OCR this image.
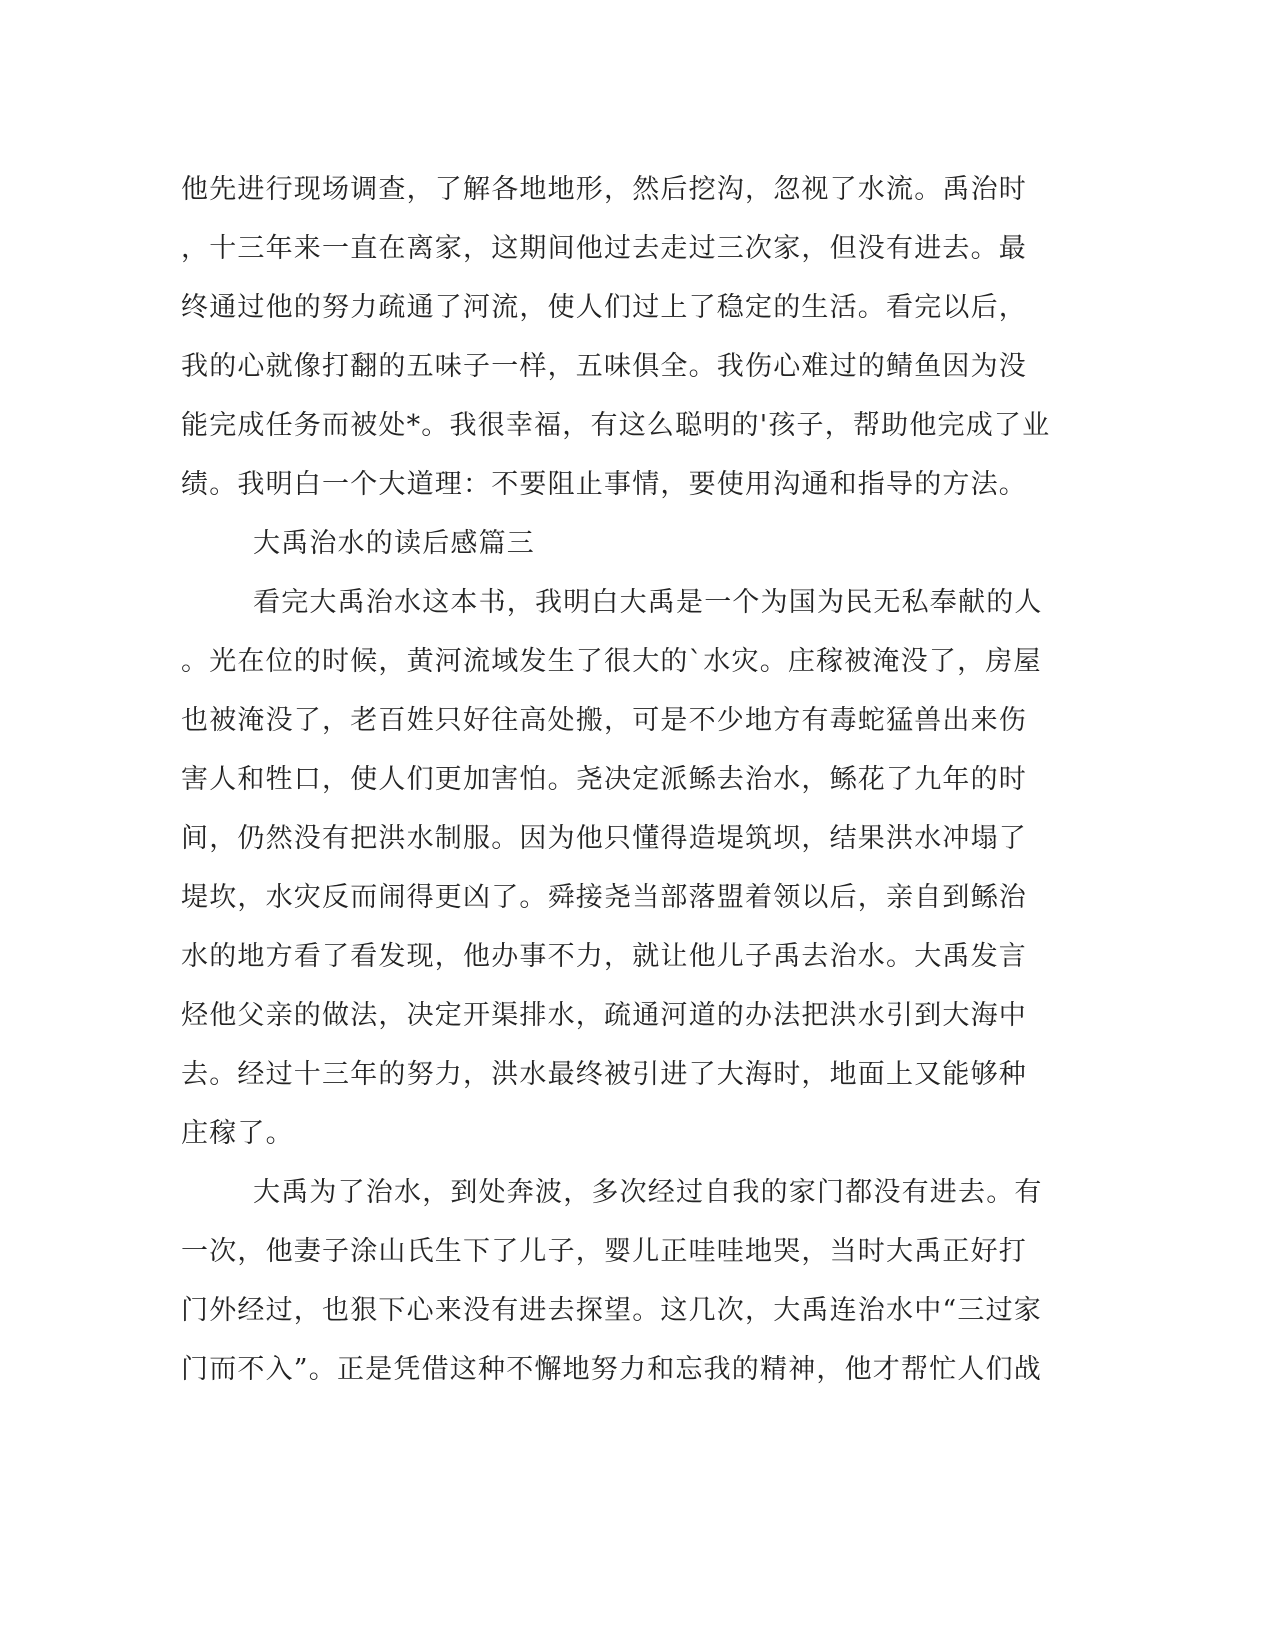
他先进行现场调查，了解各地地形，然后挖沟，忽视了水流。禹治时
，十三年来一直在离家，这期间他过去走过三次家，但没有进去。最
终通过他的努力疏通了河流，使人们过上了稳定的生活。看完以后，
我的心就像打翻的五味子一样，五味俱全。我伤心难过的鲭鱼因为没
能完成任务而被处*。我很幸福，有这么聪明的'孩子，帮助他完成了业
绩。我明白一个大道理：不要阻止事情，要使用沟通和指导的方法。
大禹治水的读后感篇三
看完大禹治水这本书，我明白大禹是一个为国为民无私奉献的人
。光在位的时候，黄河流域发生了很大的`水灾。庄稼被淹没了，房屋
也被淹没了，老百姓只好往高处搬，可是不少地方有毒蛇猛兽出来伤
害人和牲口，使人们更加害怕。尧决定派鲧去治水，鲧花了九年的时
间，仍然没有把洪水制服。因为他只懂得造堤筑坝，结果洪水冲塌了
堤坎，水灾反而闹得更凶了。舜接尧当部落盟着领以后，亲自到鲧治
水的地方看了看发现，他办事不力，就让他儿子禹去治水。大禹发言
烃他父亲的做法，决定开渠排水，疏通河道的办法把洪水引到大海中
去。经过十三年的努力，洪水最终被引进了大海时，地面上又能够种
庄稼了。
大禹为了治水，到处奔波，多次经过自我的家门都没有进去。有
一次，他妻子涂山氏生下了儿子，婴儿正哇哇地哭，当时大禹正好打
门外经过，也狠下心来没有进去探望。这几次，大禹连治水中“三过家
门而不入”。正是凭借这种不懈地努力和忘我的精神，他才帮忙人们战
